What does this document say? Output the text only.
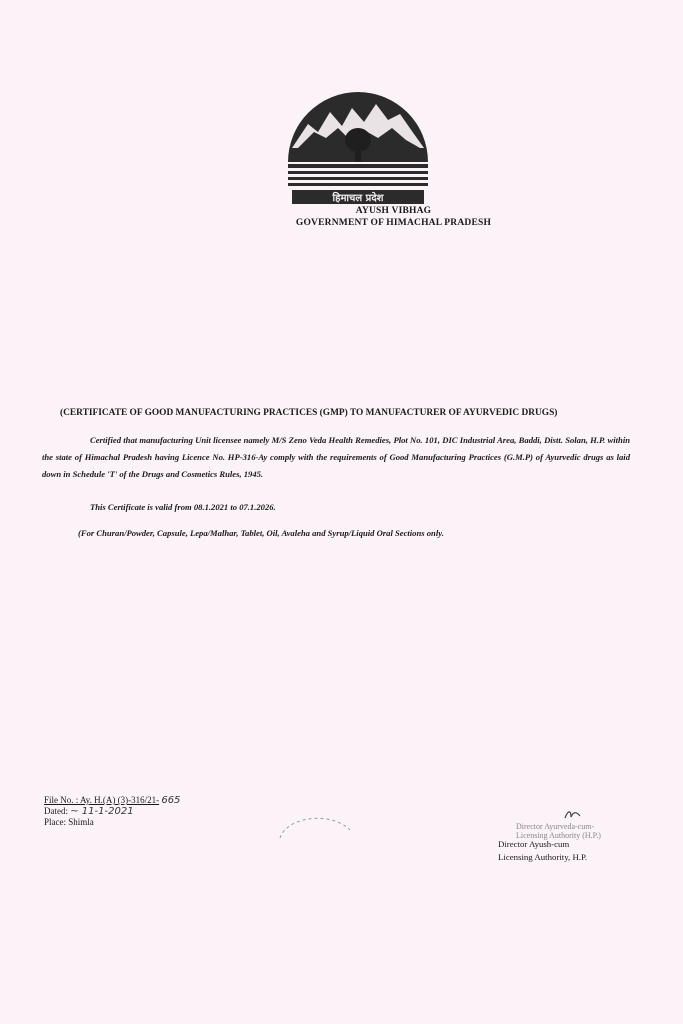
हिमाचल प्रदेश
AYUSH VIBHAG
GOVERNMENT OF HIMACHAL PRADESH
(CERTIFICATE OF GOOD MANUFACTURING PRACTICES (GMP) TO MANUFACTURER OF AYURVEDIC DRUGS)
Certified that manufacturing Unit licensee namely M/S Zeno Veda Health Remedies, Plot No. 101, DIC Industrial Area, Baddi, Distt. Solan, H.P. within the state of Himachal Pradesh having Licence No. HP-316-Ay comply with the requirements of Good Manufacturing Practices (G.M.P) of Ayurvedic drugs as laid down in Schedule 'T' of the Drugs and Cosmetics Rules, 1945.
This Certificate is valid from 08.1.2021 to 07.1.2026.
(For Churan/Powder, Capsule, Lepa/Malhar, Tablet, Oil, Avaleha and Syrup/Liquid Oral Sections only.
File No. : Ay. H.(A) (3)-316/21- 665
Dated: ~ 11-1-2021
Place: Shimla	Director Ayurveda-cum-
Licensing Authority (H.P.)
Director Ayush-cum
Licensing Authority, H.P.
